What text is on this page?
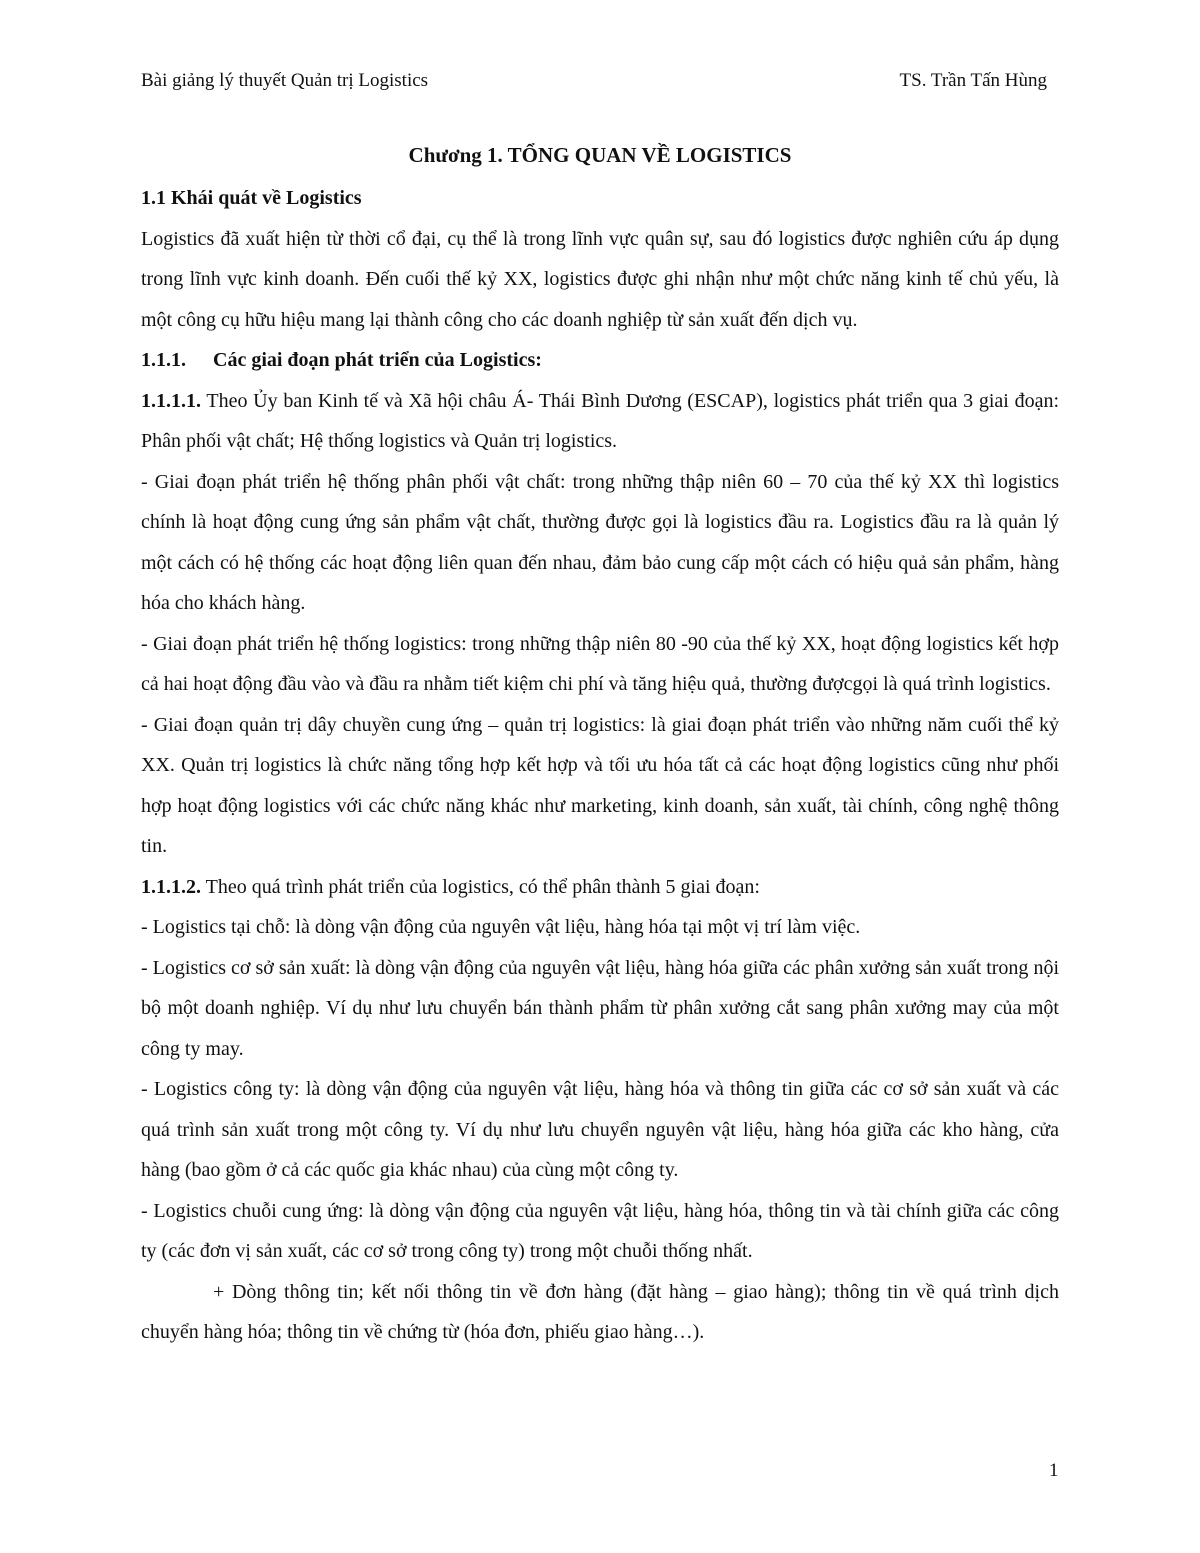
Bài giảng lý thuyết Quản trị Logistics	TS. Trần Tấn Hùng
Chương 1. TỔNG QUAN VỀ LOGISTICS

1.1 Khái quát về Logistics

Logistics đã xuất hiện từ thời cổ đại, cụ thể là trong lĩnh vực quân sự, sau đó logistics được nghiên cứu áp dụng trong lĩnh vực kinh doanh. Đến cuối thế kỷ XX, logistics được ghi nhận như một chức năng kinh tế chủ yếu, là một công cụ hữu hiệu mang lại thành công cho các doanh nghiệp từ sản xuất đến dịch vụ.

1.1.1. Các giai đoạn phát triển của Logistics:

1.1.1.1. Theo Ủy ban Kinh tế và Xã hội châu Á- Thái Bình Dương (ESCAP), logistics phát triển qua 3 giai đoạn: Phân phối vật chất; Hệ thống logistics và Quản trị logistics.

- Giai đoạn phát triển hệ thống phân phối vật chất: trong những thập niên 60 – 70 của thế kỷ XX thì logistics chính là hoạt động cung ứng sản phẩm vật chất, thường được gọi là logistics đầu ra. Logistics đầu ra là quản lý một cách có hệ thống các hoạt động liên quan đến nhau, đảm bảo cung cấp một cách có hiệu quả sản phẩm, hàng hóa cho khách hàng.

- Giai đoạn phát triển hệ thống logistics: trong những thập niên 80 -90 của thế kỷ XX, hoạt động logistics kết hợp cả hai hoạt động đầu vào và đầu ra nhằm tiết kiệm chi phí và tăng hiệu quả, thường đượcgọi là quá trình logistics.

- Giai đoạn quản trị dây chuyền cung ứng – quản trị logistics: là giai đoạn phát triển vào những năm cuối thể kỷ XX. Quản trị logistics là chức năng tổng hợp kết hợp và tối ưu hóa tất cả các hoạt động logistics cũng như phối hợp hoạt động logistics với các chức năng khác như marketing, kinh doanh, sản xuất, tài chính, công nghệ thông tin.

1.1.1.2. Theo quá trình phát triển của logistics, có thể phân thành 5 giai đoạn:

- Logistics tại chỗ: là dòng vận động của nguyên vật liệu, hàng hóa tại một vị trí làm việc.

- Logistics cơ sở sản xuất: là dòng vận động của nguyên vật liệu, hàng hóa giữa các phân xưởng sản xuất trong nội bộ một doanh nghiệp. Ví dụ như lưu chuyển bán thành phẩm từ phân xưởng cắt sang phân xưởng may của một công ty may.

- Logistics công ty: là dòng vận động của nguyên vật liệu, hàng hóa và thông tin giữa các cơ sở sản xuất và các quá trình sản xuất trong một công ty. Ví dụ như lưu chuyển nguyên vật liệu, hàng hóa giữa các kho hàng, cửa hàng (bao gồm ở cả các quốc gia khác nhau) của cùng một công ty.

- Logistics chuỗi cung ứng: là dòng vận động của nguyên vật liệu, hàng hóa, thông tin và tài chính giữa các công ty (các đơn vị sản xuất, các cơ sở trong công ty) trong một chuỗi thống nhất.

+ Dòng thông tin; kết nối thông tin về đơn hàng (đặt hàng – giao hàng); thông tin về quá trình dịch chuyển hàng hóa; thông tin về chứng từ (hóa đơn, phiếu giao hàng…).

1
